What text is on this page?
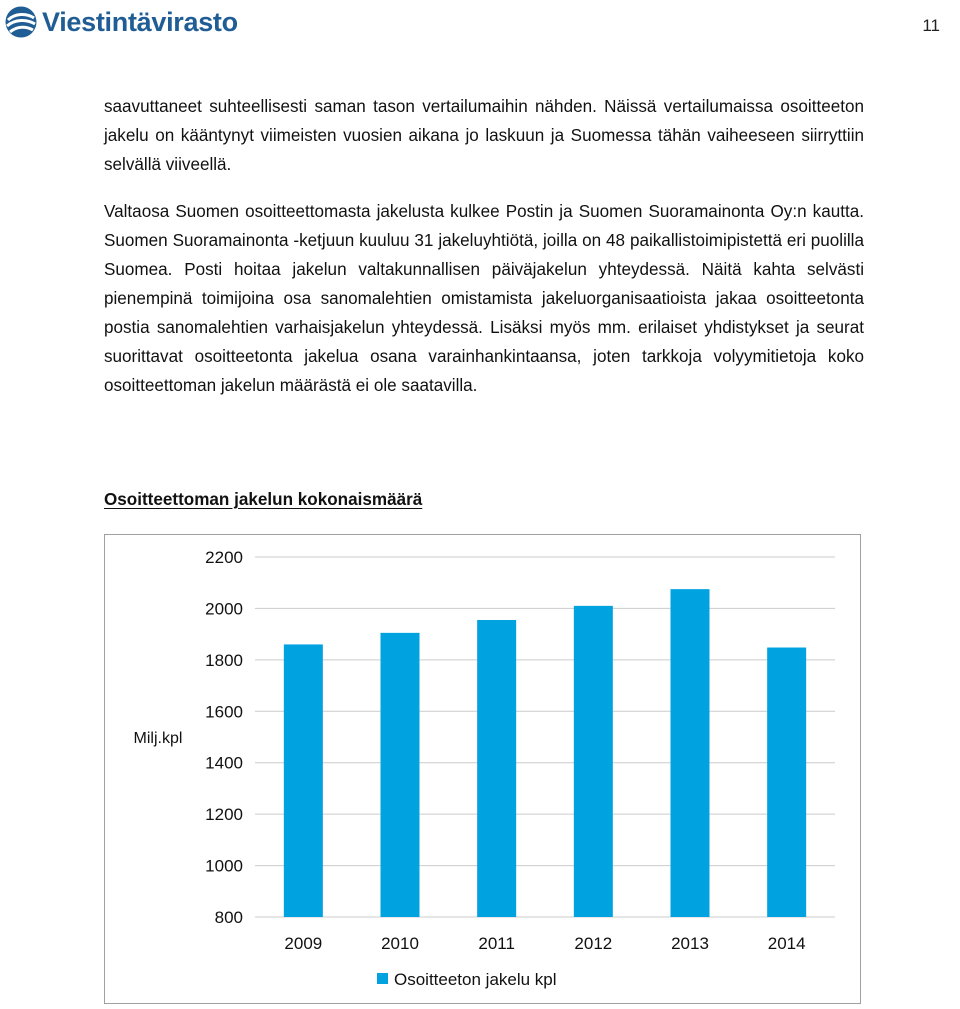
Viestintävirasto	11

saavuttaneet suhteellisesti saman tason vertailumaihin nähden. Näissä vertailumaissa osoitteeton jakelu on kääntynyt viimeisten vuosien aikana jo laskuun ja Suomessa tähän vaiheeseen siirryttiin selvällä viiveellä.

Valtaosa Suomen osoitteettomasta jakelusta kulkee Postin ja Suomen Suoramainonta Oy:n kautta. Suomen Suoramainonta -ketjuun kuuluu 31 jakeluyhtiötä, joilla on 48 paikallistoimipistettä eri puolilla Suomea. Posti hoitaa jakelun valtakunnallisen päiväjakelun yhteydessä. Näitä kahta selvästi pienempinä toimijoina osa sanomalehtien omistamista jakeluorganisaatioista jakaa osoitteetonta postia sanomalehtien varhaisjakelun yhteydessä. Lisäksi myös mm. erilaiset yhdistykset ja seurat suorittavat osoitteetonta jakelua osana varainhankintaansa, joten tarkkoja volyymitietoja koko osoitteettoman jakelun määrästä ei ole saatavilla.

Osoitteettoman jakelun kokonaismäärä
800
1000
1200
1400
1600
1800
2000
2200
Milj.kpl
2009	2010	2011	2012	2013	2014
Osoitteeton jakelu kpl
